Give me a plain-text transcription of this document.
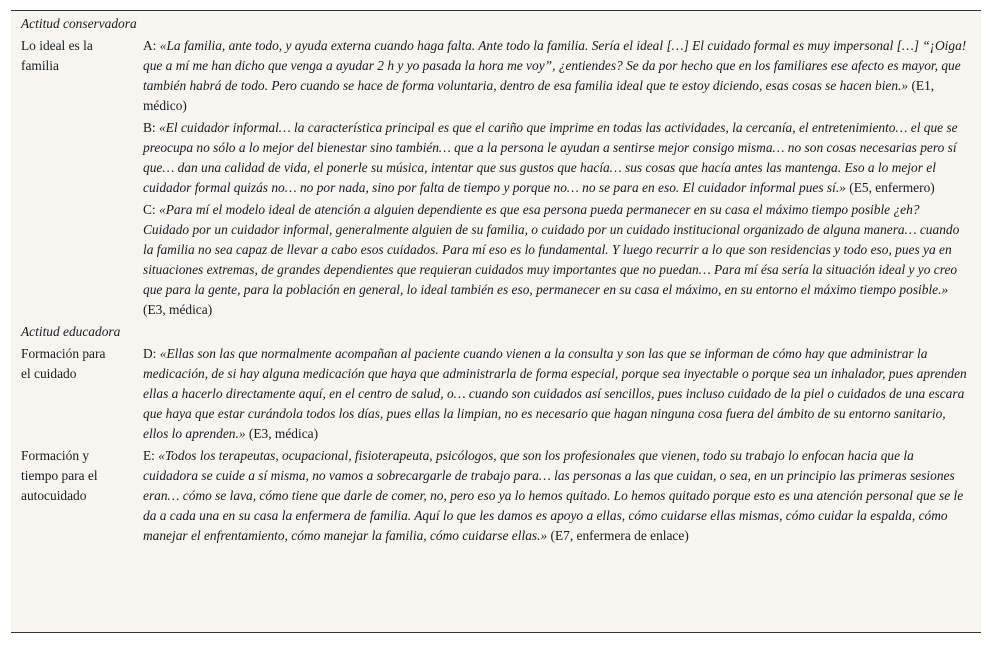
Actitud conservadora	
Lo ideal es la familia	A: «La familia, ante todo, y ayuda externa cuando haga falta. Ante todo la familia. Sería el ideal […] El cuidado formal es muy impersonal […] “¡Oiga! que a mí me han dicho que venga a ayudar 2 h y yo pasada la hora me voy”, ¿entiendes? Se da por hecho que en los familiares ese afecto es mayor, que también habrá de todo. Pero cuando se hace de forma voluntaria, dentro de esa familia ideal que te estoy diciendo, esas cosas se hacen bien.» (E1, médico)
	B: «El cuidador informal… la característica principal es que el cariño que imprime en todas las actividades, la cercanía, el entretenimiento… el que se preocupa no sólo a lo mejor del bienestar sino también… que a la persona le ayudan a sentirse mejor consigo misma… no son cosas necesarias pero sí que… dan una calidad de vida, el ponerle su música, intentar que sus gustos que hacía… sus cosas que hacía antes las mantenga. Eso a lo mejor el cuidador formal quizás no… no por nada, sino por falta de tiempo y porque no… no se para en eso. El cuidador informal pues sí.» (E5, enfermero)
	C: «Para mí el modelo ideal de atención a alguien dependiente es que esa persona pueda permanecer en su casa el máximo tiempo posible ¿eh? Cuidado por un cuidador informal, generalmente alguien de su familia, o cuidado por un cuidado institucional organizado de alguna manera… cuando la familia no sea capaz de llevar a cabo esos cuidados. Para mí eso es lo fundamental. Y luego recurrir a lo que son residencias y todo eso, pues ya en situaciones extremas, de grandes dependientes que requieran cuidados muy importantes que no puedan… Para mí ésa sería la situación ideal y yo creo que para la gente, para la población en general, lo ideal también es eso, permanecer en su casa el máximo, en su entorno el máximo tiempo posible.» (E3, médica)
Actitud educadora	
Formación para el cuidado	D: «Ellas son las que normalmente acompañan al paciente cuando vienen a la consulta y son las que se informan de cómo hay que administrar la medicación, de si hay alguna medicación que haya que administrarla de forma especial, porque sea inyectable o porque sea un inhalador, pues aprenden ellas a hacerlo directamente aquí, en el centro de salud, o… cuando son cuidados así sencillos, pues incluso cuidado de la piel o cuidados de una escara que haya que estar curándola todos los días, pues ellas la limpian, no es necesario que hagan ninguna cosa fuera del ámbito de su entorno sanitario, ellos lo aprenden.» (E3, médica)
Formación y tiempo para el autocuidado	E: «Todos los terapeutas, ocupacional, fisioterapeuta, psicólogos, que son los profesionales que vienen, todo su trabajo lo enfocan hacia que la cuidadora se cuide a sí misma, no vamos a sobrecargarle de trabajo para… las personas a las que cuidan, o sea, en un principio las primeras sesiones eran… cómo se lava, cómo tiene que darle de comer, no, pero eso ya lo hemos quitado. Lo hemos quitado porque esto es una atención personal que se le da a cada una en su casa la enfermera de familia. Aquí lo que les damos es apoyo a ellas, cómo cuidarse ellas mismas, cómo cuidar la espalda, cómo manejar el enfrentamiento, cómo manejar la familia, cómo cuidarse ellas.» (E7, enfermera de enlace)
